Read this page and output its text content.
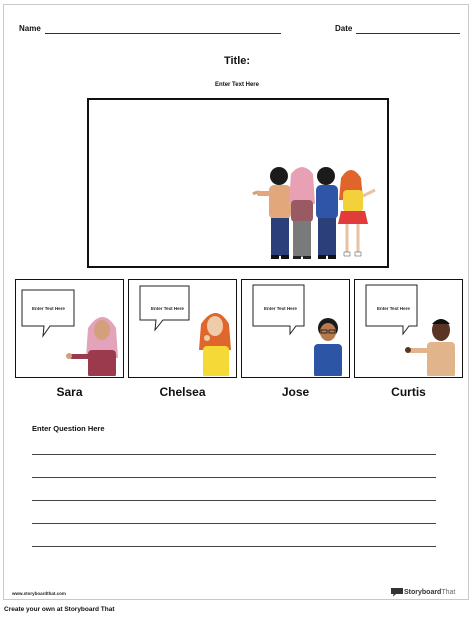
Name	Date
Title:
Enter Text Here
Enter Text Here	Enter Text Here	Enter Text Here	Enter Text Here
Sara	Chelsea	Jose	Curtis
Enter Question Here
www.storyboardthat.com	StoryboardThat
Create your own at Storyboard That
